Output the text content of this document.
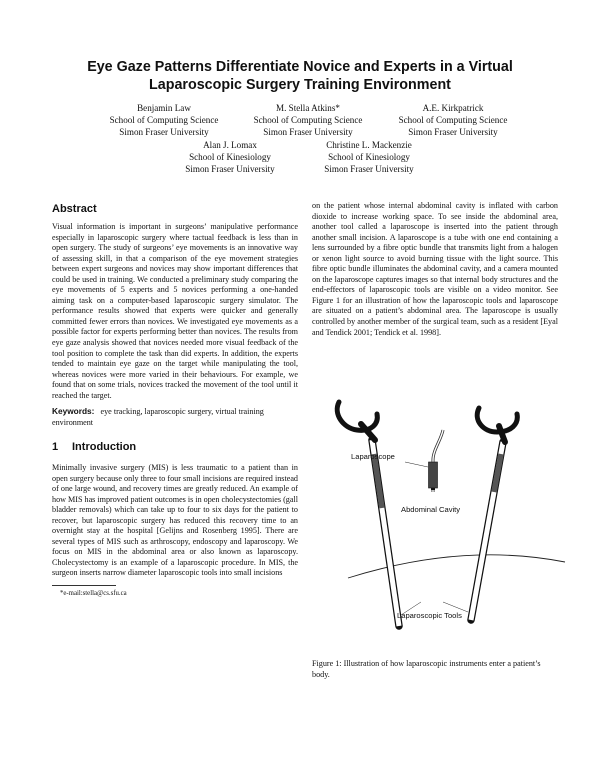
Eye Gaze Patterns Differentiate Novice and Experts in a Virtual
Laparoscopic Surgery Training Environment
Benjamin Law
School of Computing Science
Simon Fraser University
M. Stella Atkins*
School of Computing Science
Simon Fraser University
A.E. Kirkpatrick
School of Computing Science
Simon Fraser University
Alan J. Lomax
School of Kinesiology
Simon Fraser University
Christine L. Mackenzie
School of Kinesiology
Simon Fraser University
Abstract
Visual information is important in surgeons’ manipulative performance especially in laparoscopic surgery where tactual feedback is less than in open surgery. The study of surgeons’ eye movements is an innovative way of assessing skill, in that a comparison of the eye movement strategies between expert surgeons and novices may show important differences that could be used in training. We conducted a preliminary study comparing the eye movements of 5 experts and 5 novices performing a one-handed aiming task on a computer-based laparoscopic surgery simulator. The performance results showed that experts were quicker and generally committed fewer errors than novices. We investigated eye movements as a possible factor for experts performing better than novices. The results from eye gaze analysis showed that novices needed more visual feedback of the tool position to complete the task than did experts. In addition, the experts tended to maintain eye gaze on the target while manipulating the tool, whereas novices were more varied in their behaviours. For example, we found that on some trials, novices tracked the movement of the tool until it reached the target.
Keywords: eye tracking, laparoscopic surgery, virtual training environment
1 Introduction
Minimally invasive surgery (MIS) is less traumatic to a patient than in open surgery because only three to four small incisions are required instead of one large wound, and recovery times are greatly reduced. An example of how MIS has improved patient outcomes is in open cholecystectomies (gall bladder removals) which can take up to four to six days for the patient to recover, but laparoscopic surgery has reduced this recovery time to an overnight stay at the hospital [Gelijns and Rosenberg 1995]. There are several types of MIS such as arthroscopy, endoscopy and laparoscopy. We focus on MIS in the abdominal area or also known as laparoscopy. Cholecystectomy is an example of a laparoscopic procedure. In MIS, the surgeon inserts narrow diameter laparoscopic tools into small incisions
*e-mail:stella@cs.sfu.ca
on the patient whose internal abdominal cavity is inflated with carbon dioxide to increase working space. To see inside the abdominal area, another tool called a laparoscope is inserted into the patient through another small incision. A laparoscope is a tube with one end containing a lens surrounded by a fibre optic bundle that transmits light from a halogen or xenon light source to avoid burning tissue with the light source. This fibre optic bundle illuminates the abdominal cavity, and a camera mounted on the laparoscope captures images so that internal body structures and the end-effectors of laparoscopic tools are visible on a video monitor. See Figure 1 for an illustration of how the laparoscopic tools and laparoscope are situated on a patient’s abdominal area. The laparoscope is usually controlled by another member of the surgical team, such as a resident [Eyal and Tendick 2001; Tendick et al. 1998].
Laparoscope
Abdominal Cavity
Laparoscopic Tools
Figure 1: Illustration of how laparoscopic instruments enter a patient’s body.
